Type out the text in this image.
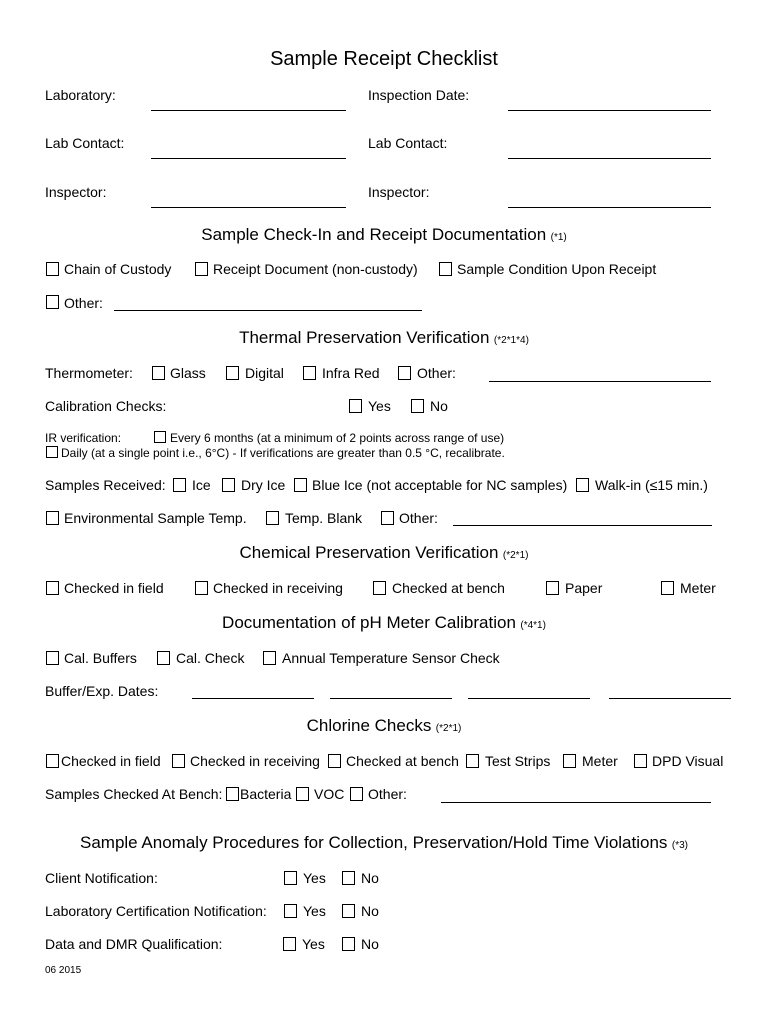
Sample Receipt Checklist
Laboratory:	Inspection Date:
Lab Contact:	Lab Contact:
Inspector:	Inspector:
Sample Check-In and Receipt Documentation (*1)
Chain of Custody	Receipt Document (non-custody)	Sample Condition Upon Receipt
Other:
Thermal Preservation Verification (*2*1*4)
Thermometer:	Glass	Digital	Infra Red	Other:
Calibration Checks:	Yes	No
IR verification:	Every 6 months (at a minimum of 2 points across range of use)
Daily (at a single point i.e., 6°C) - If verifications are greater than 0.5 °C, recalibrate.
Samples Received: Ice Dry Ice Blue Ice (not acceptable for NC samples) Walk-in (≤15 min.)
Environmental Sample Temp.	Temp. Blank	Other:
Chemical Preservation Verification (*2*1)
Checked in field	Checked in receiving	Checked at bench	Paper	Meter
Documentation of pH Meter Calibration (*4*1)
Cal. Buffers	Cal. Check	Annual Temperature Sensor Check
Buffer/Exp. Dates:
Chlorine Checks (*2*1)
Checked in field Checked in receiving Checked at bench Test Strips Meter DPD Visual
Samples Checked At Bench: Bacteria VOC Other:
Sample Anomaly Procedures for Collection, Preservation/Hold Time Violations (*3)
Client Notification:	Yes	No
Laboratory Certification Notification:	Yes	No
Data and DMR Qualification:	Yes	No
06 2015
